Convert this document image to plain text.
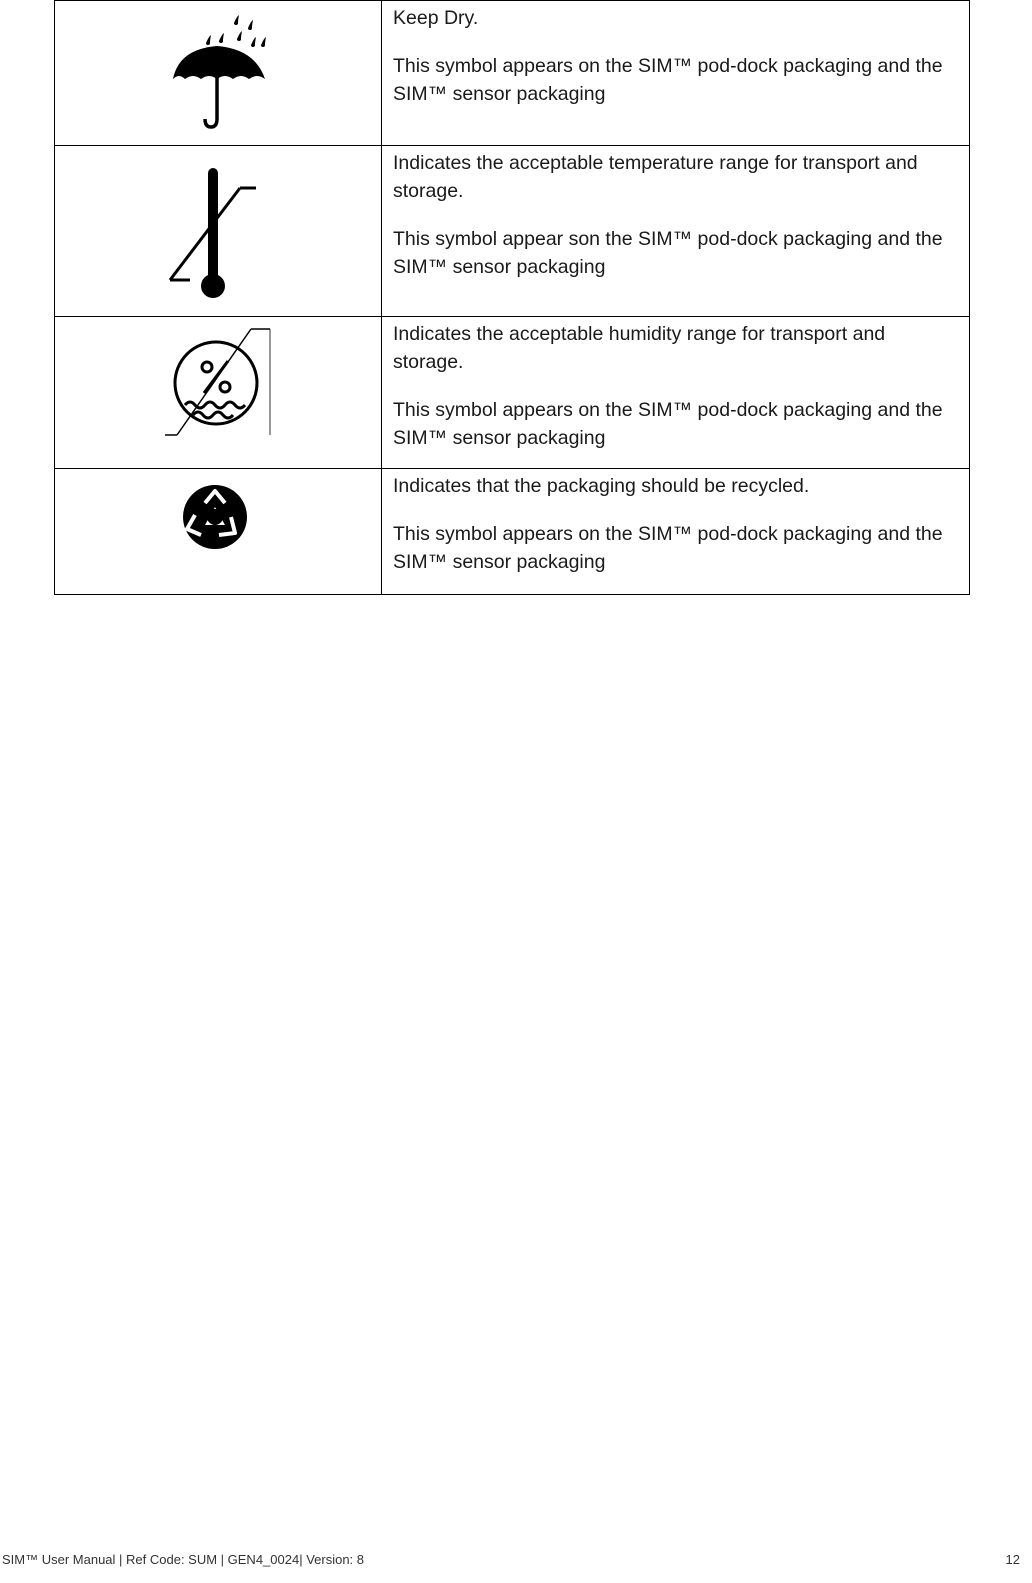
Keep Dry.

This symbol appears on the SIM™ pod-dock packaging and the SIM™ sensor packaging

Indicates the acceptable temperature range for transport and storage.

This symbol appear son the SIM™ pod-dock packaging and the SIM™ sensor packaging

Indicates the acceptable humidity range for transport and storage.

This symbol appears on the SIM™ pod-dock packaging and the SIM™ sensor packaging

Indicates that the packaging should be recycled.

This symbol appears on the SIM™ pod-dock packaging and the SIM™ sensor packaging

SIM™ User Manual | Ref Code: SUM | GEN4_0024| Version: 8	12
